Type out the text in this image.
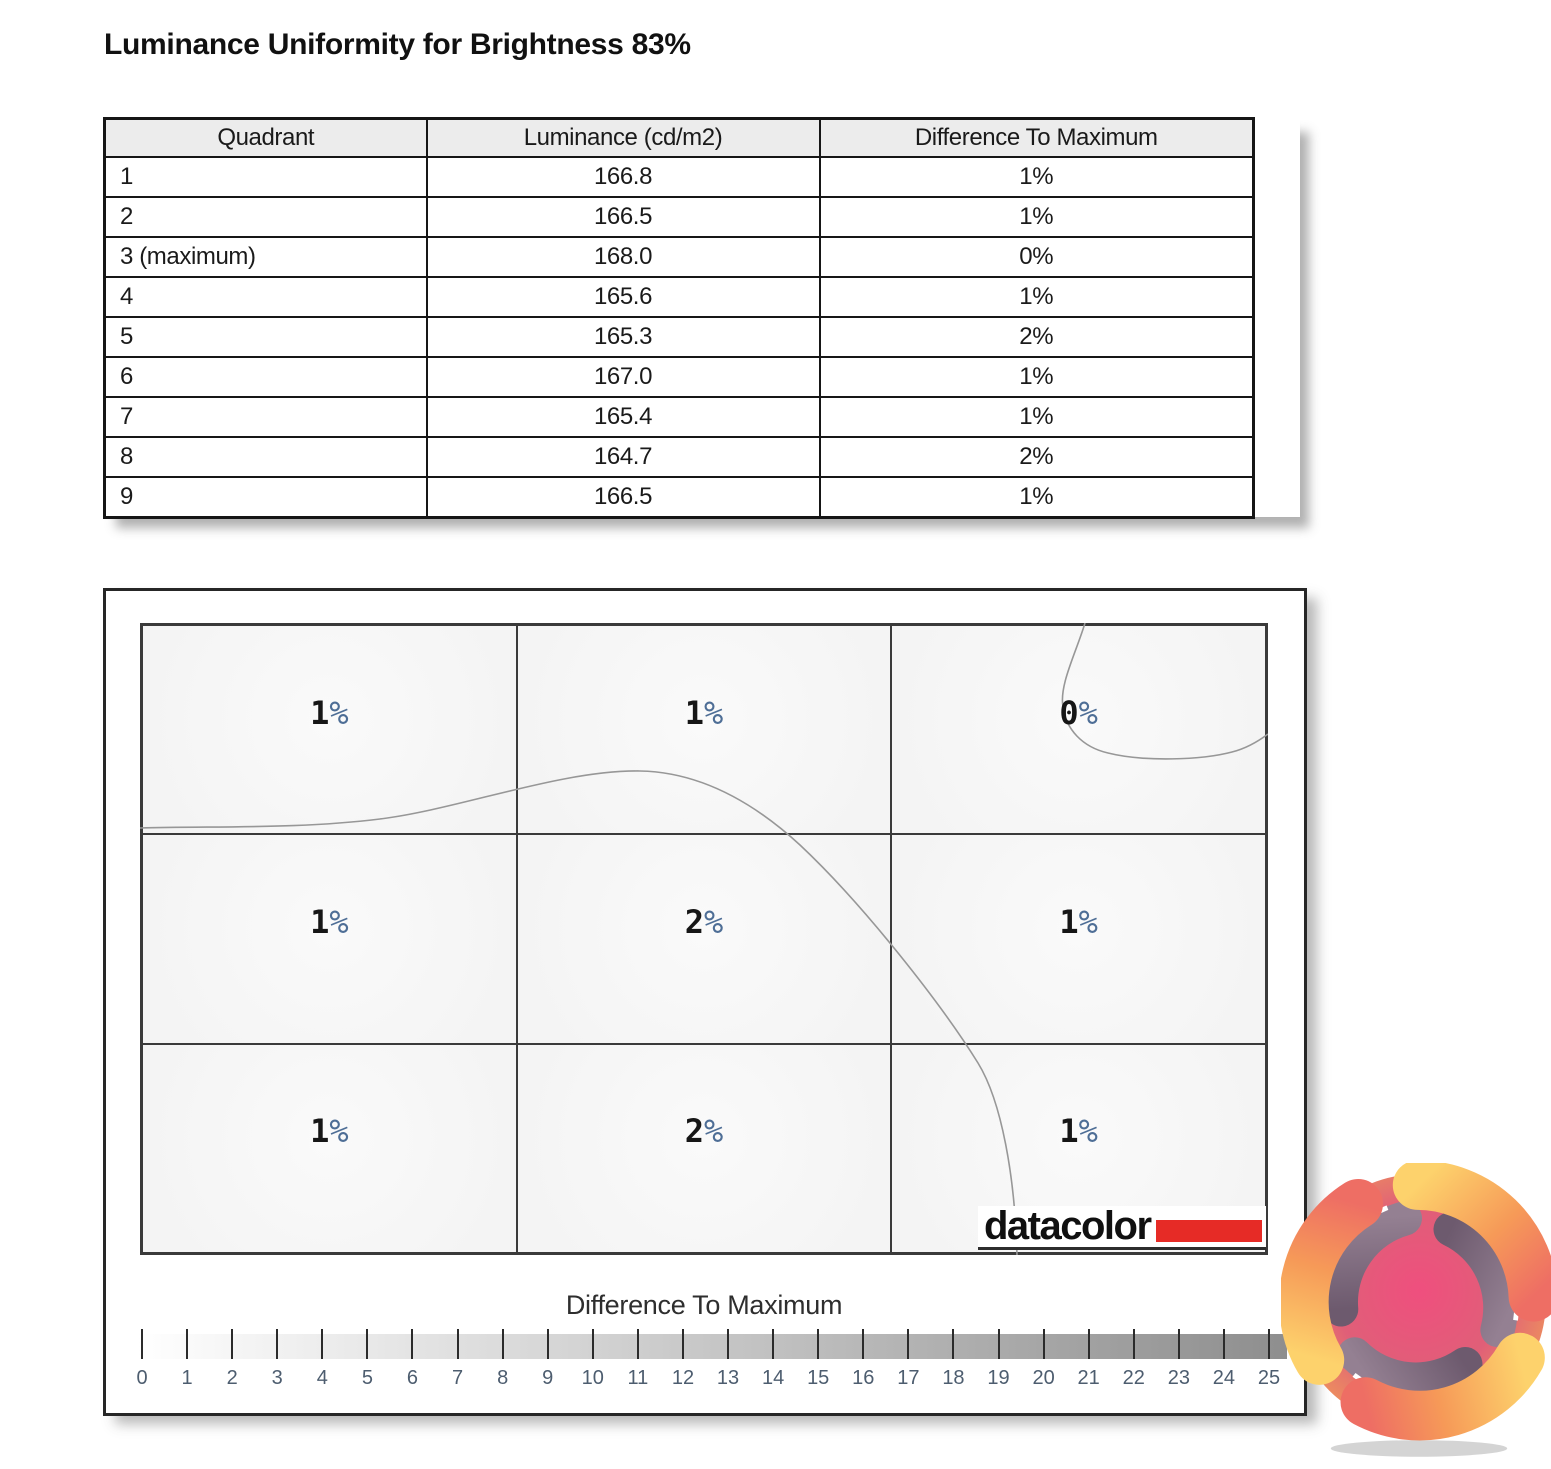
Luminance Uniformity for Brightness 83%
Quadrant	Luminance (cd/m2)	Difference To Maximum
1	166.8	1%
2	166.5	1%
3 (maximum)	168.0	0%
4	165.6	1%
5	165.3	2%
6	167.0	1%
7	165.4	1%
8	164.7	2%
9	166.5	1%
1%	1%	0%
1%	2%	1%
1%	2%	1%
datacolor
Difference To Maximum
0	1	2	3	4	5	6	7	8	9	10	11	12 13 14 15 16 17 18 19 20 21 22 23 24 25
